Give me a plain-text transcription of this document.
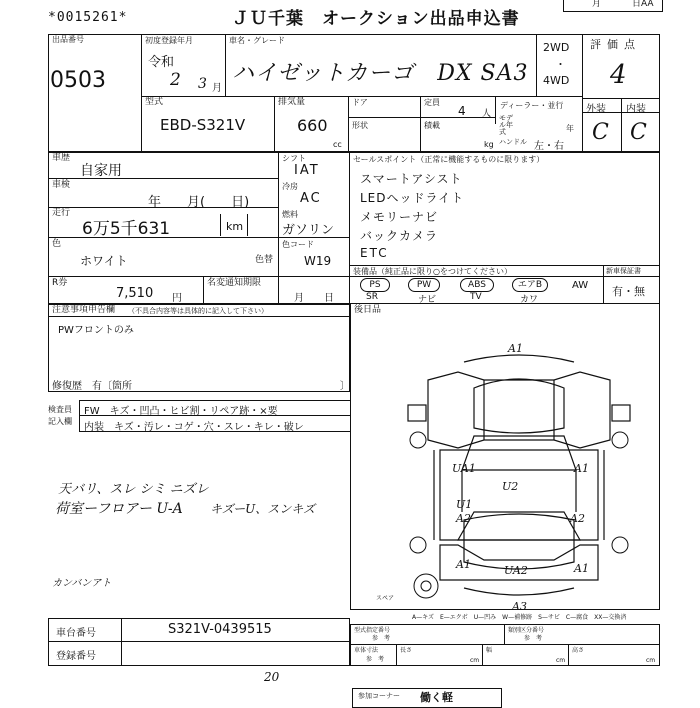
*0015261*	ＪＵ千葉　オークション出品申込書
月	日AA
出品番号
0503
初度登録年月
令和
2 3 月
車名・グレード
ハイゼットカーゴ　DX SA3
2WD
・
4WD
評価点
4
外装 内装
C C
型式
EBD-S321V
排気量
660
cc
ドア	定員
4 人
ディーラー・並行
形状	積載
kg
モデル年式	年
ハンドル 左・右
車歴
自家用
車検
年　　月(　　日)
走行
6万5千631	km
色
ホワイト	色替
シフト
IAT
冷房
AC
燃料
ガソリン
色コード
W19
R券
7,510 円
名変通知期限
月　　日
セールスポイント（正常に機能するものに限ります）
スマートアシスト
LEDヘッドライト
メモリーナビ
バックカメラ
ETC
装備品（純正品に限り○をつけてください）
PS
SR
PW
ナビ
ABS
TV
エアB
カワ
AW
新車保証書
有・無
注意事項申告欄 （不具合内容等は具体的に記入して下さい）
PWフロントのみ
修復歴　有〔箇所	〕
後日品
検査員
記入欄
FW　キズ・凹凸・ヒビ割・リペア跡・×要
内装　キズ・汚レ・コゲ・穴・スレ・キレ・破レ
天バリ、スレ シミ ニズレ
荷室ーフロアー U-A キズーU、スンキズ
カンバンアト
A1
UA1
U2
A1
U1
A2	A2
A1	UA2	A1
A3
スペア
A—キズ　E—エクボ　U—凹み　W—補修跡　S—サビ　C—腐食　XX—交換済
車台番号	S321V-0439515
登録番号
型式指定番号
参　考
類別区分番号
参　考
車体寸法
参　考
長さ
cm
幅
cm
高さ
cm
20
参加コーナー 働く軽
